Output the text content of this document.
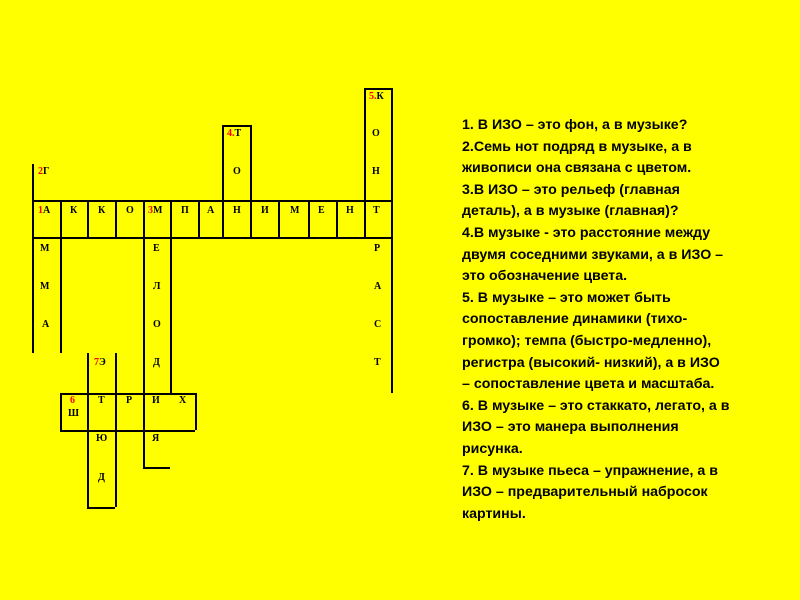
5.К
4.Т	О
2Г	О	Н
1А К К О 3М П А Н И М Е Н Т
М	Е	Р
М	Л	А
А	О	С
7Э	Д	Т
6
Ш
Т Р И Х
Ю	Я
Д
1. В ИЗО – это фон, а в музыке?
2.Семь нот подряд в музыке, а в
живописи она связана с цветом.
3.В ИЗО – это рельеф (главная
деталь), а в музыке (главная)?
4.В музыке - это расстояние между
двумя соседними звуками, а в ИЗО –
это обозначение цвета.
5. В музыке – это может быть
сопоставление динамики (тихо-
громко); темпа (быстро-медленно),
регистра (высокий- низкий), а в ИЗО
– сопоставление цвета и масштаба.
6. В музыке – это стаккато, легато, а в
ИЗО – это манера выполнения
рисунка.
7. В музыке пьеса – упражнение, а в
ИЗО – предварительный набросок
картины.
